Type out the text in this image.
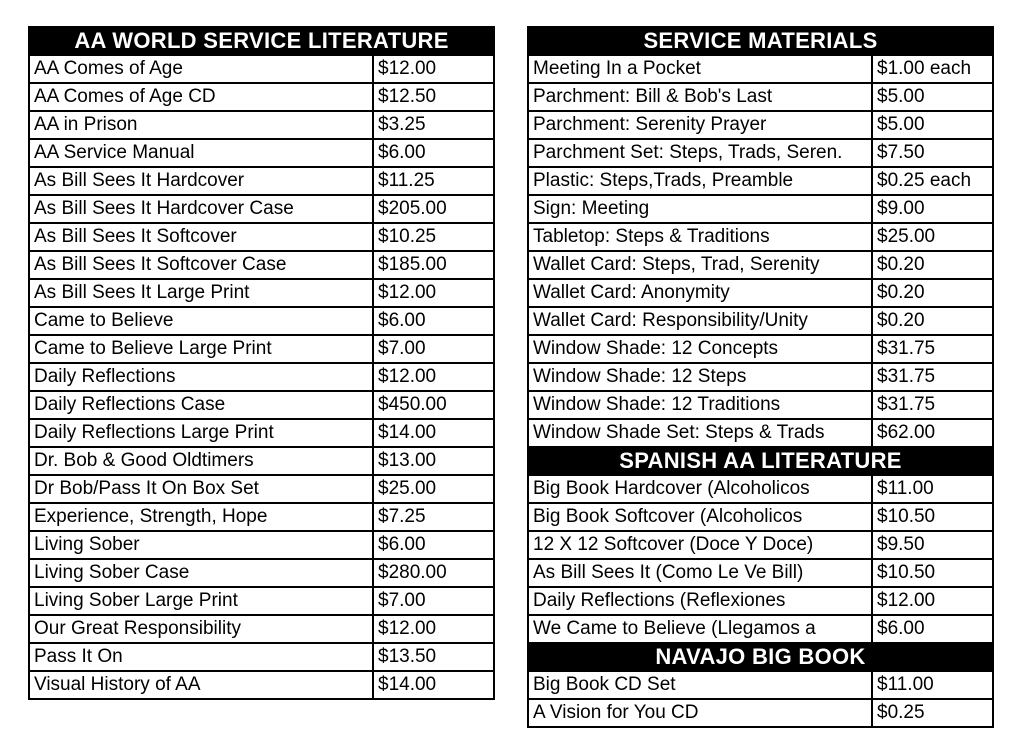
AA WORLD SERVICE LITERATURE	
AA Comes of Age	$12.00
AA Comes of Age CD	$12.50
AA in Prison	$3.25
AA Service Manual	$6.00
As Bill Sees It Hardcover	$11.25
As Bill Sees It Hardcover Case	$205.00
As Bill Sees It Softcover	$10.25
As Bill Sees It Softcover Case	$185.00
As Bill Sees It Large Print	$12.00
Came to Believe	$6.00
Came to Believe Large Print	$7.00
Daily Reflections	$12.00
Daily Reflections Case	$450.00
Daily Reflections Large Print	$14.00
Dr. Bob & Good Oldtimers	$13.00
Dr Bob/Pass It On Box Set	$25.00
Experience, Strength, Hope	$7.25
Living Sober	$6.00
Living Sober Case	$280.00
Living Sober Large Print	$7.00
Our Great Responsibility	$12.00
Pass It On	$13.50
Visual History of AA	$14.00
SERVICE MATERIALS	
Meeting In a Pocket	$1.00 each
Parchment: Bill & Bob's Last	$5.00
Parchment: Serenity Prayer	$5.00
Parchment Set: Steps, Trads, Seren.	$7.50
Plastic: Steps,Trads, Preamble	$0.25 each
Sign: Meeting	$9.00
Tabletop: Steps & Traditions	$25.00
Wallet Card: Steps, Trad, Serenity	$0.20
Wallet Card: Anonymity	$0.20
Wallet Card: Responsibility/Unity	$0.20
Window Shade: 12 Concepts	$31.75
Window Shade: 12 Steps	$31.75
Window Shade: 12 Traditions	$31.75
Window Shade Set: Steps & Trads	$62.00
SPANISH AA LITERATURE	
Big Book Hardcover (Alcoholicos	$11.00
Big Book Softcover (Alcoholicos	$10.50
12 X 12 Softcover (Doce Y Doce)	$9.50
As Bill Sees It (Como Le Ve Bill)	$10.50
Daily Reflections (Reflexiones	$12.00
We Came to Believe (Llegamos a	$6.00
NAVAJO BIG BOOK	
Big Book CD Set	$11.00
A Vision for You CD	$0.25
